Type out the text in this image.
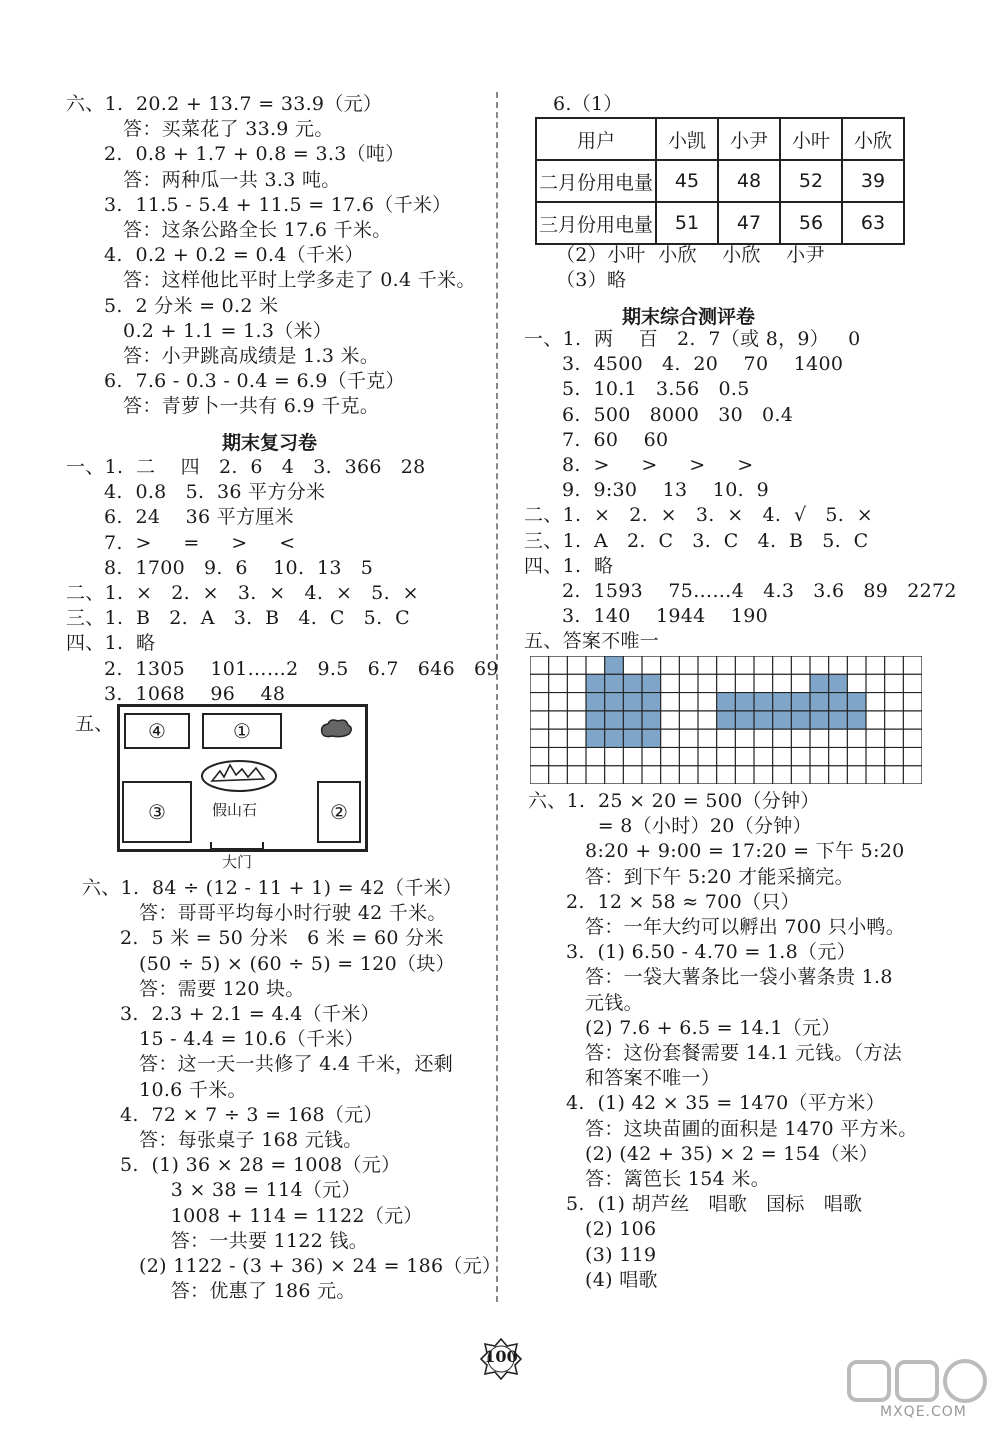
六、1.  20.2 + 13.7 = 33.9（元）
答：买菜花了 33.9 元。
2.  0.8 + 1.7 + 0.8 = 3.3（吨）
答：两种瓜一共 3.3 吨。
3.  11.5 - 5.4 + 11.5 = 17.6（千米）
答：这条公路全长 17.6 千米。
4.  0.2 + 0.2 = 0.4（千米）
答：这样他比平时上学多走了 0.4 千米。
5.  2 分米 = 0.2 米
0.2 + 1.1 = 1.3（米）
答：小尹跳高成绩是 1.3 米。
6.  7.6 - 0.3 - 0.4 = 6.9（千克）
答：青萝卜一共有 6.9 千克。
期末复习卷
一、1.  二    四   2.  6   4   3.  366   28
4.  0.8   5.  36 平方分米
6.  24    36 平方厘米
7.  >     =     >     <
8.  1700   9.  6    10.  13   5
二、1.  ×   2.  ×   3.  ×   4.  ×   5.  ×
三、1.  B   2.  A   3.  B   4.  C   5.  C
四、1.  略
2.  1305    101……2   9.5   6.7   646   69
3.  1068    96    48
五、	④	①
③	②
假山石
大门
六、1.  84 ÷ (12 - 11 + 1) = 42（千米）
答：哥哥平均每小时行驶 42 千米。
2.  5 米 = 50 分米   6 米 = 60 分米
(50 ÷ 5) × (60 ÷ 5) = 120（块）
答：需要 120 块。
3.  2.3 + 2.1 = 4.4（千米）
15 - 4.4 = 10.6（千米）
答：这一天一共修了 4.4 千米，还剩
10.6 千米。
4.  72 × 7 ÷ 3 = 168（元）
答：每张桌子 168 元钱。
5.  (1) 36 × 28 = 1008（元）
3 × 38 = 114（元）
1008 + 114 = 1122（元）
答：一共要 1122 钱。
(2) 1122 - (3 + 36) × 24 = 186（元）
答：优惠了 186 元。
6.（1）
用户	小凯	小尹	小叶	小欣
二月份用电量	45	48	52	39
三月份用电量	51	47	56	63
（2）小叶  小欣    小欣    小尹
（3）略
期末综合测评卷
一、1.  两    百   2.  7（或 8，9）   0
3.  4500   4.  20    70    1400
5.  10.1   3.56   0.5
6.  500   8000   30   0.4
7.  60    60
8.  >     >     >     >
9.  9:30    13    10.  9
二、1.  ×   2.  ×   3.  ×   4.  √   5.  ×
三、1.  A   2.  C   3.  C   4.  B   5.  C
四、1.  略
2.  1593    75……4   4.3   3.6   89   2272
3.  140    1944    190
五、答案不唯一
六、1.  25 × 20 = 500（分钟）
= 8（小时）20（分钟）
8:20 + 9:00 = 17:20 = 下午 5:20
答：到下午 5:20 才能采摘完。
2.  12 × 58 ≈ 700（只）
答：一年大约可以孵出 700 只小鸭。
3.  (1) 6.50 - 4.70 = 1.8（元）
答：一袋大薯条比一袋小薯条贵 1.8
元钱。
(2) 7.6 + 6.5 = 14.1（元）
答：这份套餐需要 14.1 元钱。（方法
和答案不唯一）
4.  (1) 42 × 35 = 1470（平方米）
答：这块苗圃的面积是 1470 平方米。
(2) (42 + 35) × 2 = 154（米）
答：篱笆长 154 米。
5.  (1) 胡芦丝   唱歌   国标   唱歌
(2) 106
(3) 119
(4) 唱歌
100
MXQE.COM
